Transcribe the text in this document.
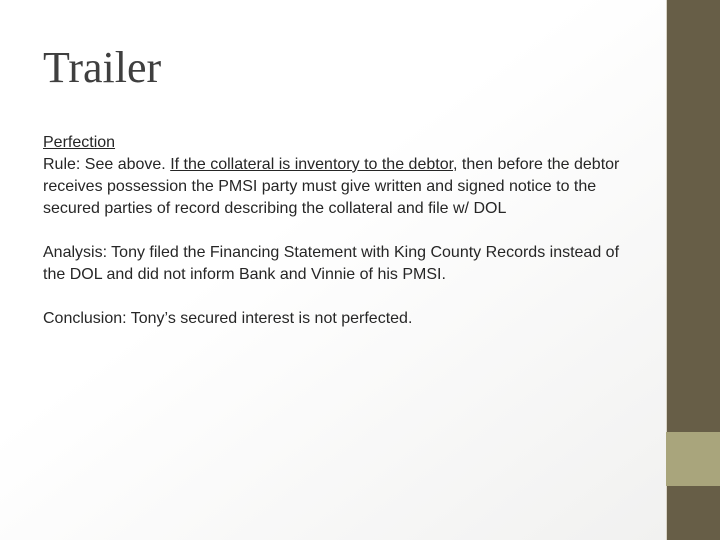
Trailer

Perfection

Rule: See above. If the collateral is inventory to the debtor, then before the debtor receives possession the PMSI party must give written and signed notice to the secured parties of record describing the collateral and file w/ DOL

Analysis: Tony filed the Financing Statement with King County Records instead of the DOL and did not inform Bank and Vinnie of his PMSI.

Conclusion: Tony’s secured interest is not perfected.
